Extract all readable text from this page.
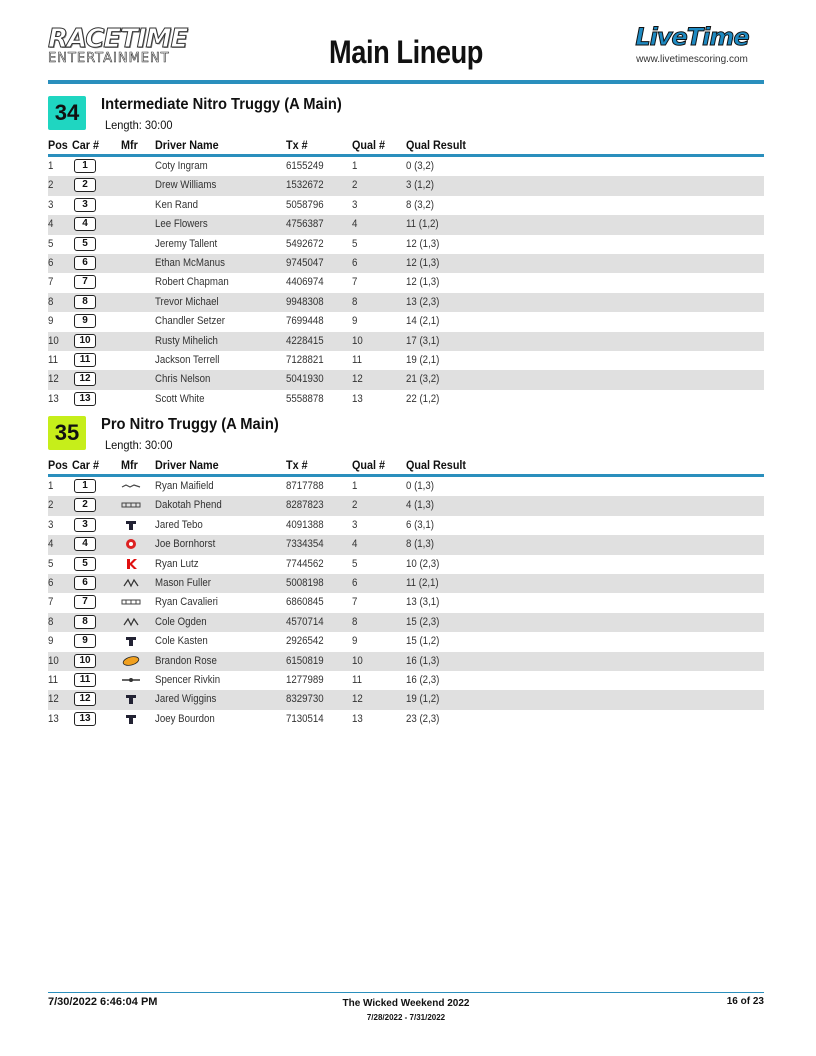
RACETIME
ENTERTAINMENT	Main Lineup	LiveTime
www.livetimescoring.com
34	Intermediate Nitro Truggy (A Main)
Length: 30:00
Pos Car # Mfr Driver Name	Tx #	Qual # Qual Result
1	1	Coty Ingram	6155249	1	0 (3,2)
2	2	Drew Williams	1532672	2	3 (1,2)
3	3	Ken Rand	5058796	3	8 (3,2)
4	4	Lee Flowers	4756387	4	11 (1,2)
5	5	Jeremy Tallent	5492672	5	12 (1,3)
6	6	Ethan McManus	9745047	6	12 (1,3)
7	7	Robert Chapman	4406974	7	12 (1,3)
8	8	Trevor Michael	9948308	8	13 (2,3)
9	9	Chandler Setzer	7699448	9	14 (2,1)
10	10	Rusty Mihelich	4228415	10	17 (3,1)
11	11	Jackson Terrell	7128821	11	19 (2,1)
12	12	Chris Nelson	5041930	12	21 (3,2)
13	13	Scott White	5558878	13	22 (1,2)
35	Pro Nitro Truggy (A Main)
Length: 30:00
Pos Car # Mfr Driver Name	Tx #	Qual # Qual Result
1	1	Ryan Maifield	8717788	1	0 (1,3)
2	2	Dakotah Phend	8287823	2	4 (1,3)
3	3	Jared Tebo	4091388	3	6 (3,1)
4	4	Joe Bornhorst	7334354	4	8 (1,3)
5	5	Ryan Lutz	7744562	5	10 (2,3)
6	6	Mason Fuller	5008198	6	11 (2,1)
7	7	Ryan Cavalieri	6860845	7	13 (3,1)
8	8	Cole Ogden	4570714	8	15 (2,3)
9	9	Cole Kasten	2926542	9	15 (1,2)
10	10	Brandon Rose	6150819	10	16 (1,3)
11	11	Spencer Rivkin	1277989	11	16 (2,3)
12	12	Jared Wiggins	8329730	12	19 (1,2)
13	13	Joey Bourdon	7130514	13	23 (2,3)
7/30/2022 6:46:04 PM	The Wicked Weekend 2022
7/28/2022 - 7/31/2022
16 of 23
